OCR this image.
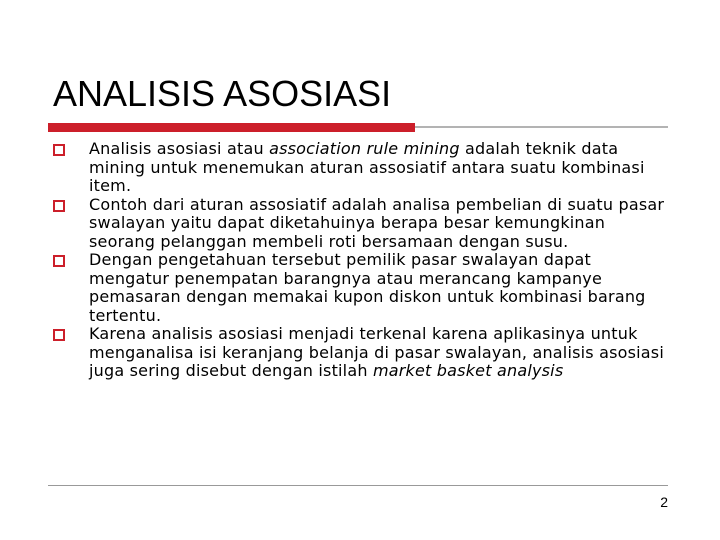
ANALISIS ASOSIASI
Analisis asosiasi atau association rule mining adalah teknik data mining untuk menemukan aturan assosiatif antara suatu kombinasi item.
Contoh dari aturan assosiatif adalah analisa pembelian di suatu pasar swalayan yaitu dapat diketahuinya berapa besar kemungkinan seorang pelanggan membeli roti bersamaan dengan susu.
Dengan pengetahuan tersebut pemilik pasar swalayan dapat mengatur penempatan barangnya atau merancang kampanye pemasaran dengan memakai kupon diskon untuk kombinasi barang tertentu.
Karena analisis asosiasi menjadi terkenal karena aplikasinya untuk menganalisa isi keranjang belanja di pasar swalayan, analisis asosiasi juga sering disebut dengan istilah market basket analysis
2
